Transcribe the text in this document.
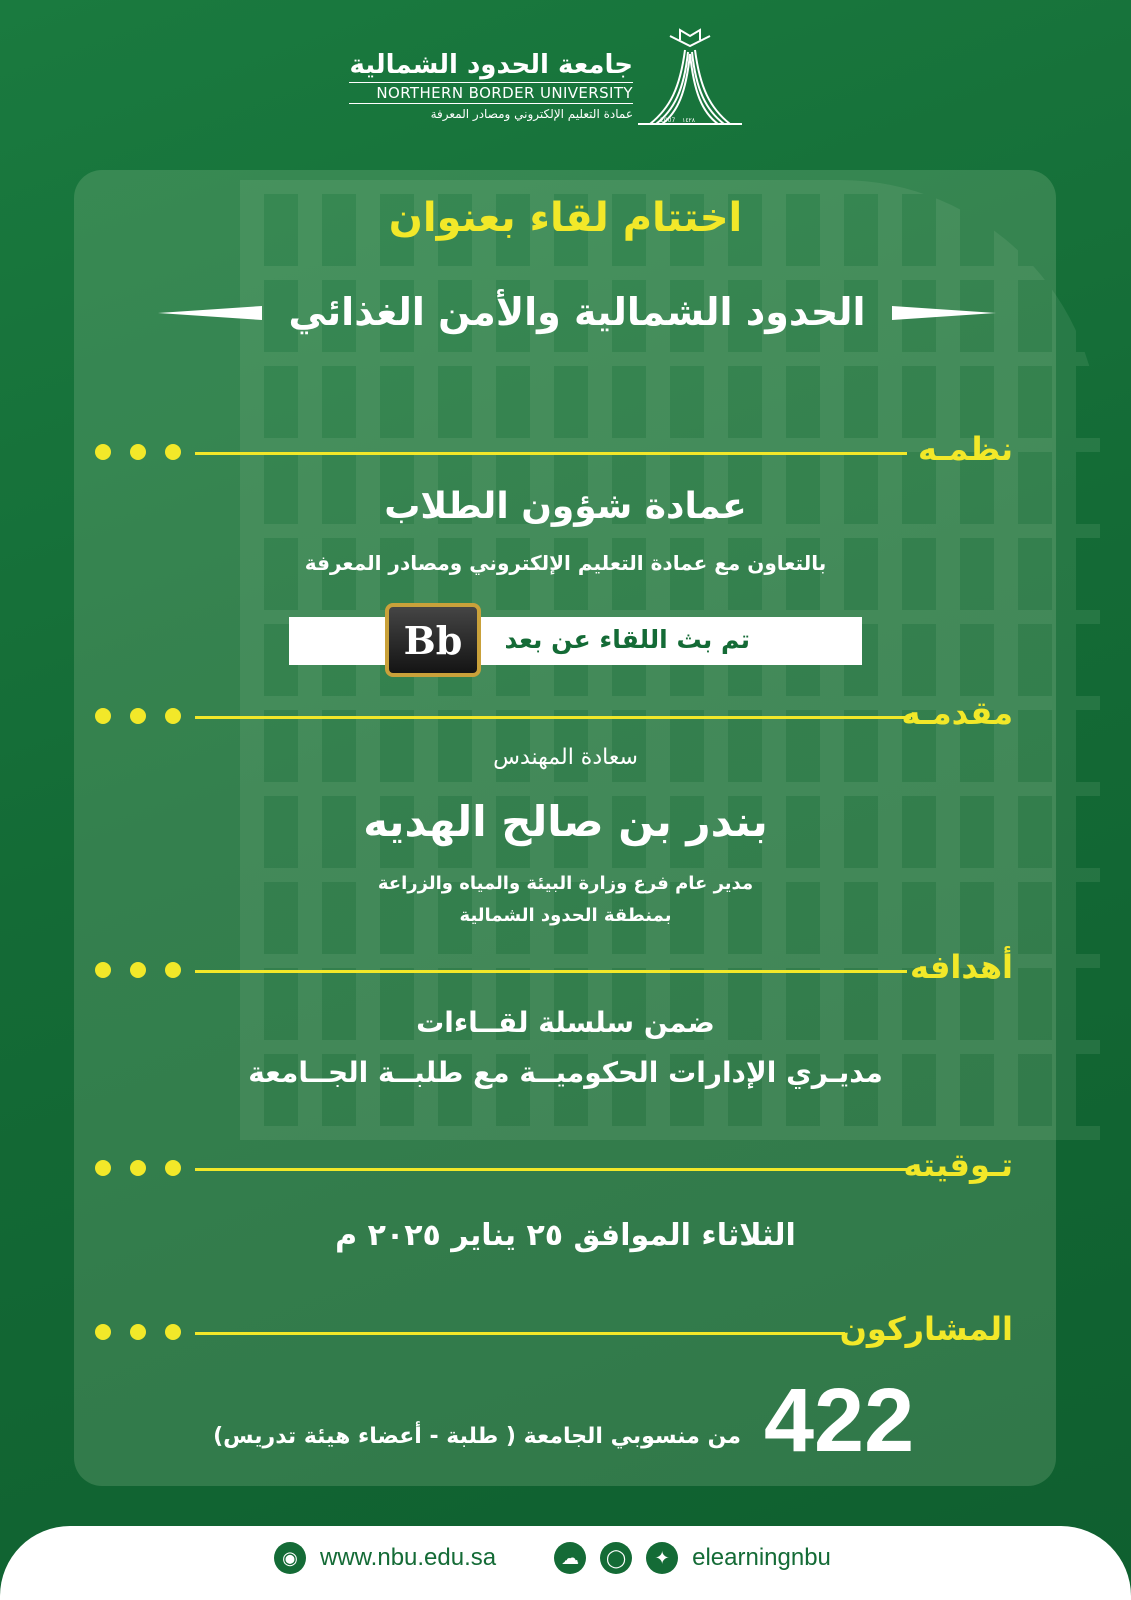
جامعة الحدود الشمالية
NORTHERN BORDER UNIVERSITY
عمادة التعليم الإلكتروني ومصادر المعرفة	2007 _ ١٤٢٨
اختتام لقاء بعنوان
الحدود الشمالية والأمن الغذائي
نظمـه
عمادة شؤون الطلاب
بالتعاون مع عمادة التعليم الإلكتروني ومصادر المعرفة
تم بث اللقاء عن بعد
Bb
مقدمـه
سعادة المهندس
بندر بن صالح الهديه
مدير عام فرع وزارة البيئة والمياه والزراعة
بمنطقة الحدود الشمالية
أهدافه
ضمن سلسلة لقــاءات
مديـري الإدارات الحكوميــة مع طلبــة الجــامعة
تـوقيته
الثلاثاء الموافق ٢٥ يناير ٢٠٢٥ م
المشاركون
422
من منسوبي الجامعة ( طلبة - أعضاء هيئة تدريس)
◉ www.nbu.edu.sa	☁	◯	✦ elearningnbu
